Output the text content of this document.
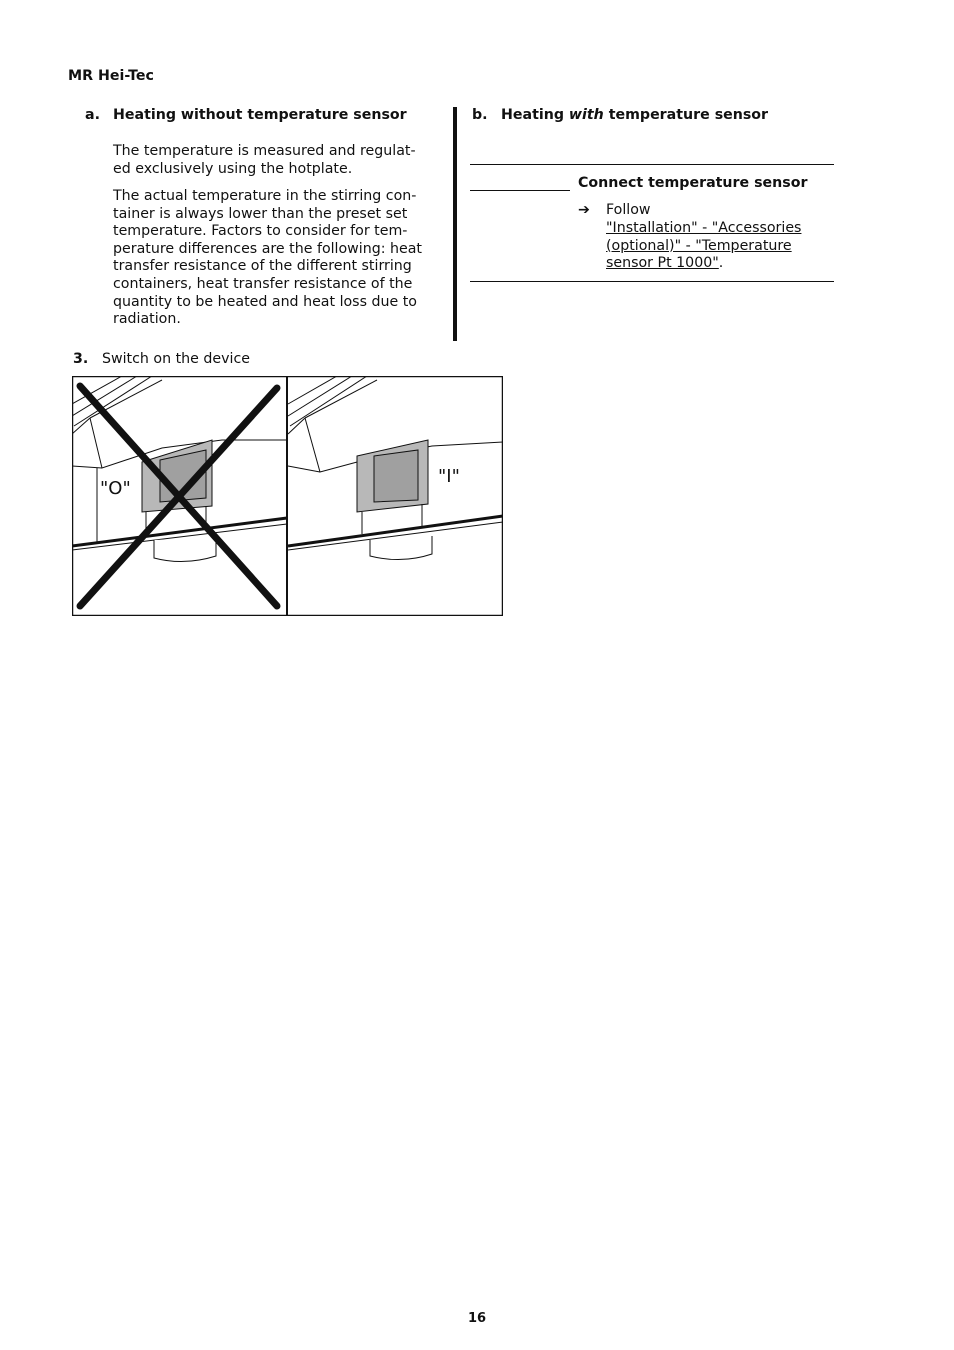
MR Hei-Tec
a. Heating without temperature sensor
The temperature is measured and regulat-ed exclusively using the hotplate.
The actual temperature in the stirring con-tainer is always lower than the preset set temperature. Factors to consider for tem-perature differences are the following: heat transfer resistance of the different stirring containers, heat transfer resistance of the quantity to be heated and heat loss due to radiation.
b. Heating with temperature sensor
Connect temperature sensor
➔ Follow
"Installation" - "Accessories (optional)" - "Temperature sensor Pt 1000".
3. Switch on the device
"O"
"I"
16
